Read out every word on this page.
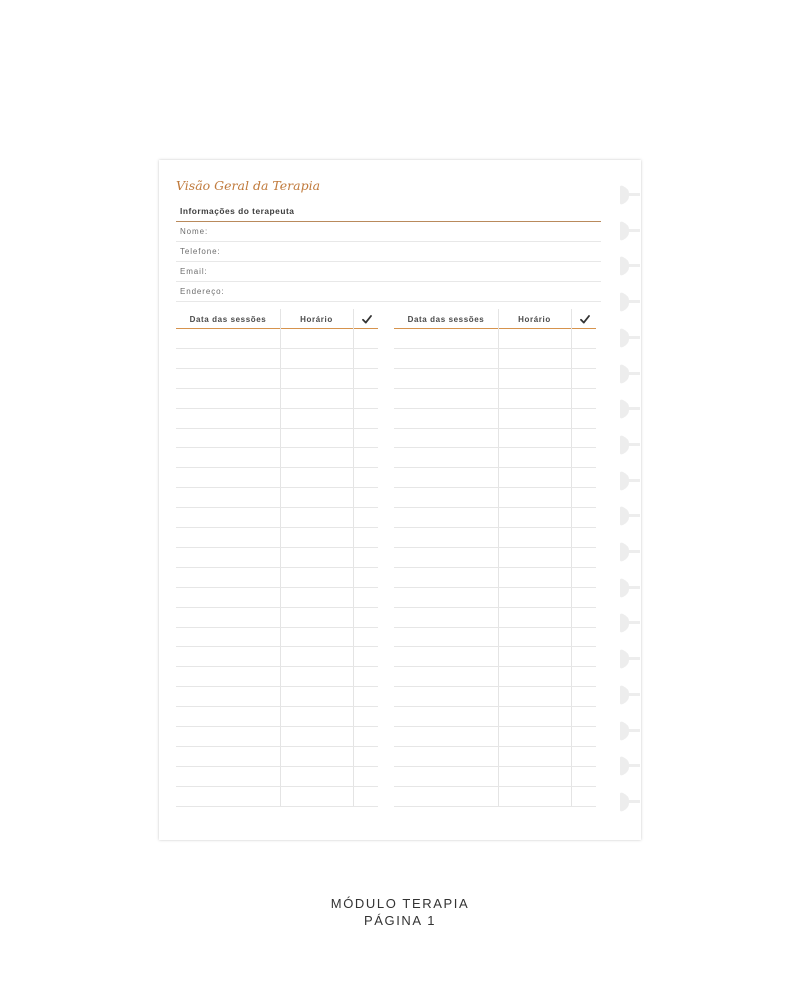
Visão Geral da Terapia
Informações do terapeuta
Nome:
Telefone:
Email:
Endereço:
Data das sessões	Horário	Data das sessões	Horário
MÓDULO TERAPIA
PÁGINA 1
